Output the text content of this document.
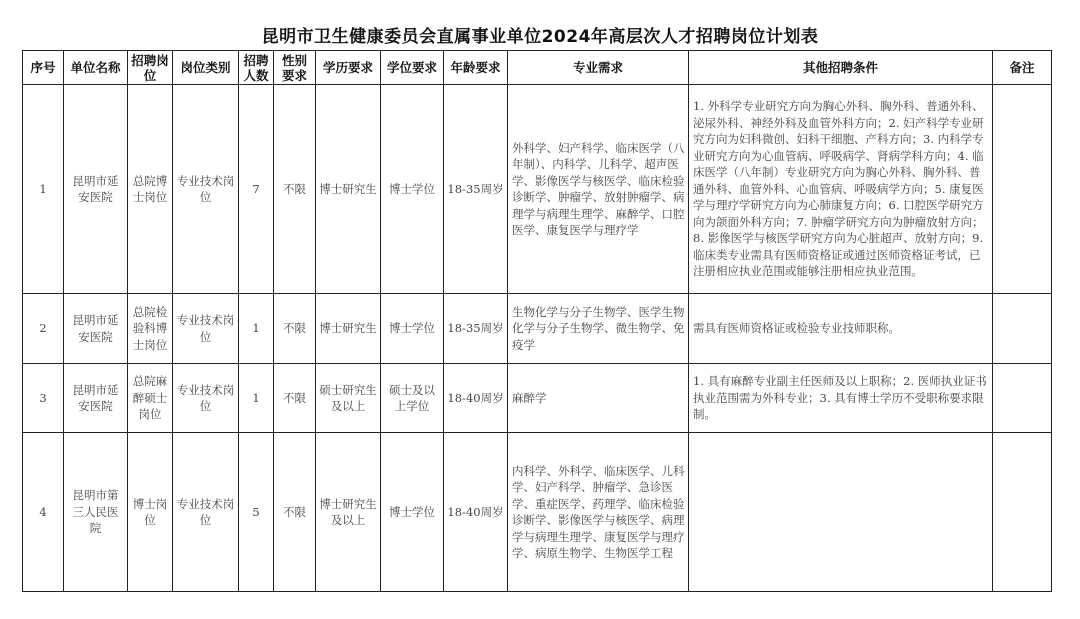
昆明市卫生健康委员会直属事业单位2024年高层次人才招聘岗位计划表
序号	单位名称	招聘岗位	岗位类别	招聘人数	性别要求	学历要求	学位要求	年龄要求	专业需求	其他招聘条件	备注
1	昆明市延安医院	总院博士岗位	专业技术岗位	7	不限	博士研究生	博士学位	18-35周岁	外科学、妇产科学、临床医学（八年制）、内科学、儿科学、超声医学、影像医学与核医学、临床检验诊断学、肿瘤学、放射肿瘤学、病理学与病理生理学、麻醉学、口腔医学、康复医学与理疗学	1. 外科学专业研究方向为胸心外科、胸外科、普通外科、泌尿外科、神经外科及血管外科方向；2. 妇产科学专业研究方向为妇科微创、妇科干细胞、产科方向；3. 内科学专业研究方向为心血管病、呼吸病学、肾病学科方向；4. 临床医学（八年制）专业研究方向为胸心外科、胸外科、普通外科、血管外科、心血管病、呼吸病学方向；5. 康复医学与理疗学研究方向为心肺康复方向；6. 口腔医学研究方向为颌面外科方向；7. 肿瘤学研究方向为肿瘤放射方向；8. 影像医学与核医学研究方向为心脏超声、放射方向；9. 临床类专业需具有医师资格证或通过医师资格证考试，已注册相应执业范围或能够注册相应执业范围。	
2	昆明市延安医院	总院检验科博士岗位	专业技术岗位	1	不限	博士研究生	博士学位	18-35周岁	生物化学与分子生物学、医学生物化学与分子生物学、微生物学、免疫学	需具有医师资格证或检验专业技师职称。	
3	昆明市延安医院	总院麻醉硕士岗位	专业技术岗位	1	不限	硕士研究生及以上	硕士及以上学位	18-40周岁	麻醉学	1. 具有麻醉专业副主任医师及以上职称；2. 医师执业证书执业范围需为外科专业；3. 具有博士学历不受职称要求限制。	
4	昆明市第三人民医院	博士岗位	专业技术岗位	5	不限	博士研究生及以上	博士学位	18-40周岁	内科学、外科学、临床医学、儿科学、妇产科学、肿瘤学、急诊医学、重症医学、药理学、临床检验诊断学、影像医学与核医学、病理学与病理生理学、康复医学与理疗学、病原生物学、生物医学工程		
